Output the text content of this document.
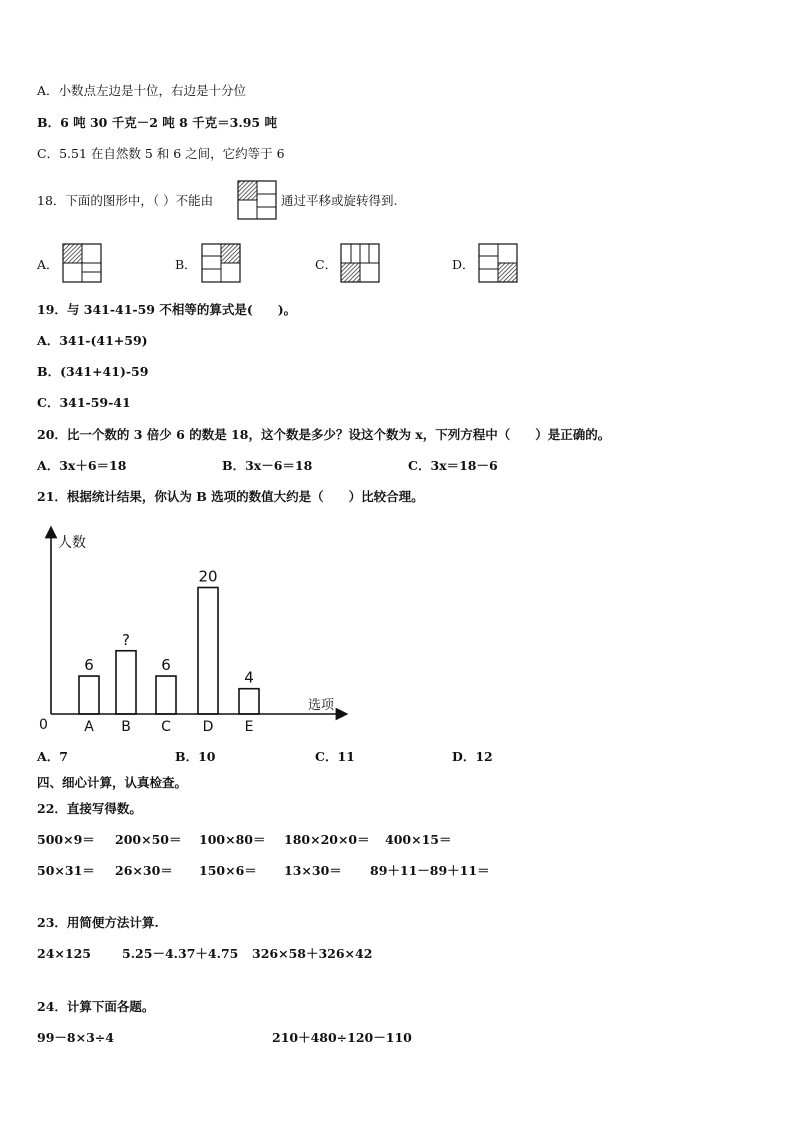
A．小数点左边是十位，右边是十分位
B．6 吨 30 千克－2 吨 8 千克＝3.95 吨
C．5.51 在自然数 5 和 6 之间，它约等于 6
18．下面的图形中，（ ）不能由	通过平移或旋转得到.
A．	B．	C．	D．
19．与 341-41-59 不相等的算式是(　　)。
A．341-(41+59)
B．(341+41)-59
C．341-59-41
20．比一个数的 3 倍少 6 的数是 18，这个数是多少？设这个数为 x，下列方程中（　　）是正确的。
A．3x＋6＝18	B．3x－6＝18	C．3x＝18－6
21．根据统计结果，你认为 B 选项的数值大约是（　　）比较合理。
人数
选项
0
6
A
?
B
6
C
20
D
4
E
A．7	B．10	C．11	D．12
四、细心计算，认真检查。
22．直接写得数。
500×9＝ 200×50＝ 100×80＝ 180×20×0＝ 400×15＝
50×31＝ 26×30＝ 150×6＝ 13×30＝ 89＋11－89＋11＝
23．用简便方法计算.
24×125 5.25－4.37＋4.75 326×58＋326×42
24．计算下面各题。
99－8×3÷4	210＋480÷120－110
